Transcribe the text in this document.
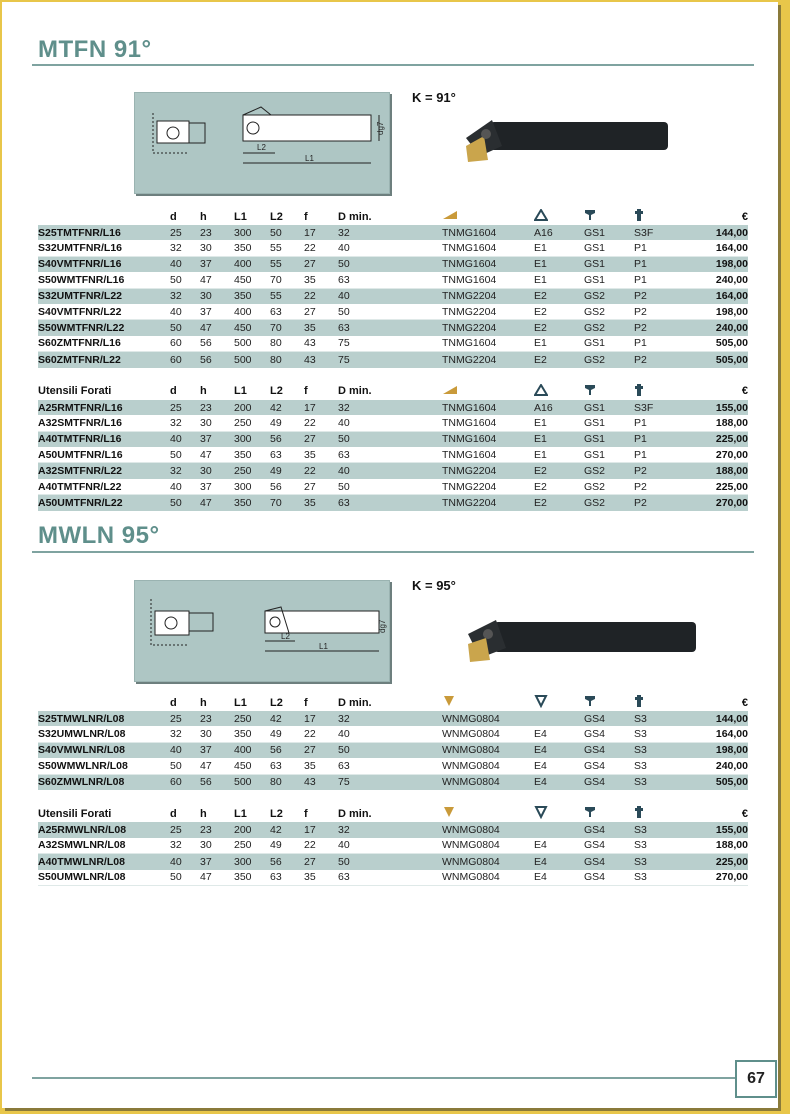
MTFN 91°
L2
L1
dg7
K = 91°
	d	h	L1	L2	f	D min.					€
S25TMTFNR/L16	25	23	300	50	17	32	TNMG1604	A16	GS1	S3F	144,00
S32UMTFNR/L16	32	30	350	55	22	40	TNMG1604	E1	GS1	P1	164,00
S40VMTFNR/L16	40	37	400	55	27	50	TNMG1604	E1	GS1	P1	198,00
S50WMTFNR/L16	50	47	450	70	35	63	TNMG1604	E1	GS1	P1	240,00
S32UMTFNR/L22	32	30	350	55	22	40	TNMG2204	E2	GS2	P2	164,00
S40VMTFNR/L22	40	37	400	63	27	50	TNMG2204	E2	GS2	P2	198,00
S50WMTFNR/L22	50	47	450	70	35	63	TNMG2204	E2	GS2	P2	240,00
S60ZMTFNR/L16	60	56	500	80	43	75	TNMG1604	E1	GS1	P1	505,00
S60ZMTFNR/L22	60	56	500	80	43	75	TNMG2204	E2	GS2	P2	505,00

Utensili Forati	d	h	L1	L2	f	D min.					€
A25RMTFNR/L16	25	23	200	42	17	32	TNMG1604	A16	GS1	S3F	155,00
A32SMTFNR/L16	32	30	250	49	22	40	TNMG1604	E1	GS1	P1	188,00
A40TMTFNR/L16	40	37	300	56	27	50	TNMG1604	E1	GS1	P1	225,00
A50UMTFNR/L16	50	47	350	63	35	63	TNMG1604	E1	GS1	P1	270,00
A32SMTFNR/L22	32	30	250	49	22	40	TNMG2204	E2	GS2	P2	188,00
A40TMTFNR/L22	40	37	300	56	27	50	TNMG2204	E2	GS2	P2	225,00
A50UMTFNR/L22	50	47	350	70	35	63	TNMG2204	E2	GS2	P2	270,00
MWLN 95°
L2
L1
dg7
K = 95°
	d	h	L1	L2	f	D min.					€
S25TMWLNR/L08	25	23	250	42	17	32	WNMG0804		GS4	S3	144,00
S32UMWLNR/L08	32	30	350	49	22	40	WNMG0804	E4	GS4	S3	164,00
S40VMWLNR/L08	40	37	400	56	27	50	WNMG0804	E4	GS4	S3	198,00
S50WMWLNR/L08	50	47	450	63	35	63	WNMG0804	E4	GS4	S3	240,00
S60ZMWLNR/L08	60	56	500	80	43	75	WNMG0804	E4	GS4	S3	505,00

Utensili Forati	d	h	L1	L2	f	D min.					€
A25RMWLNR/L08	25	23	200	42	17	32	WNMG0804		GS4	S3	155,00
A32SMWLNR/L08	32	30	250	49	22	40	WNMG0804	E4	GS4	S3	188,00
A40TMWLNR/L08	40	37	300	56	27	50	WNMG0804	E4	GS4	S3	225,00
S50UMWLNR/L08	50	47	350	63	35	63	WNMG0804	E4	GS4	S3	270,00
67
